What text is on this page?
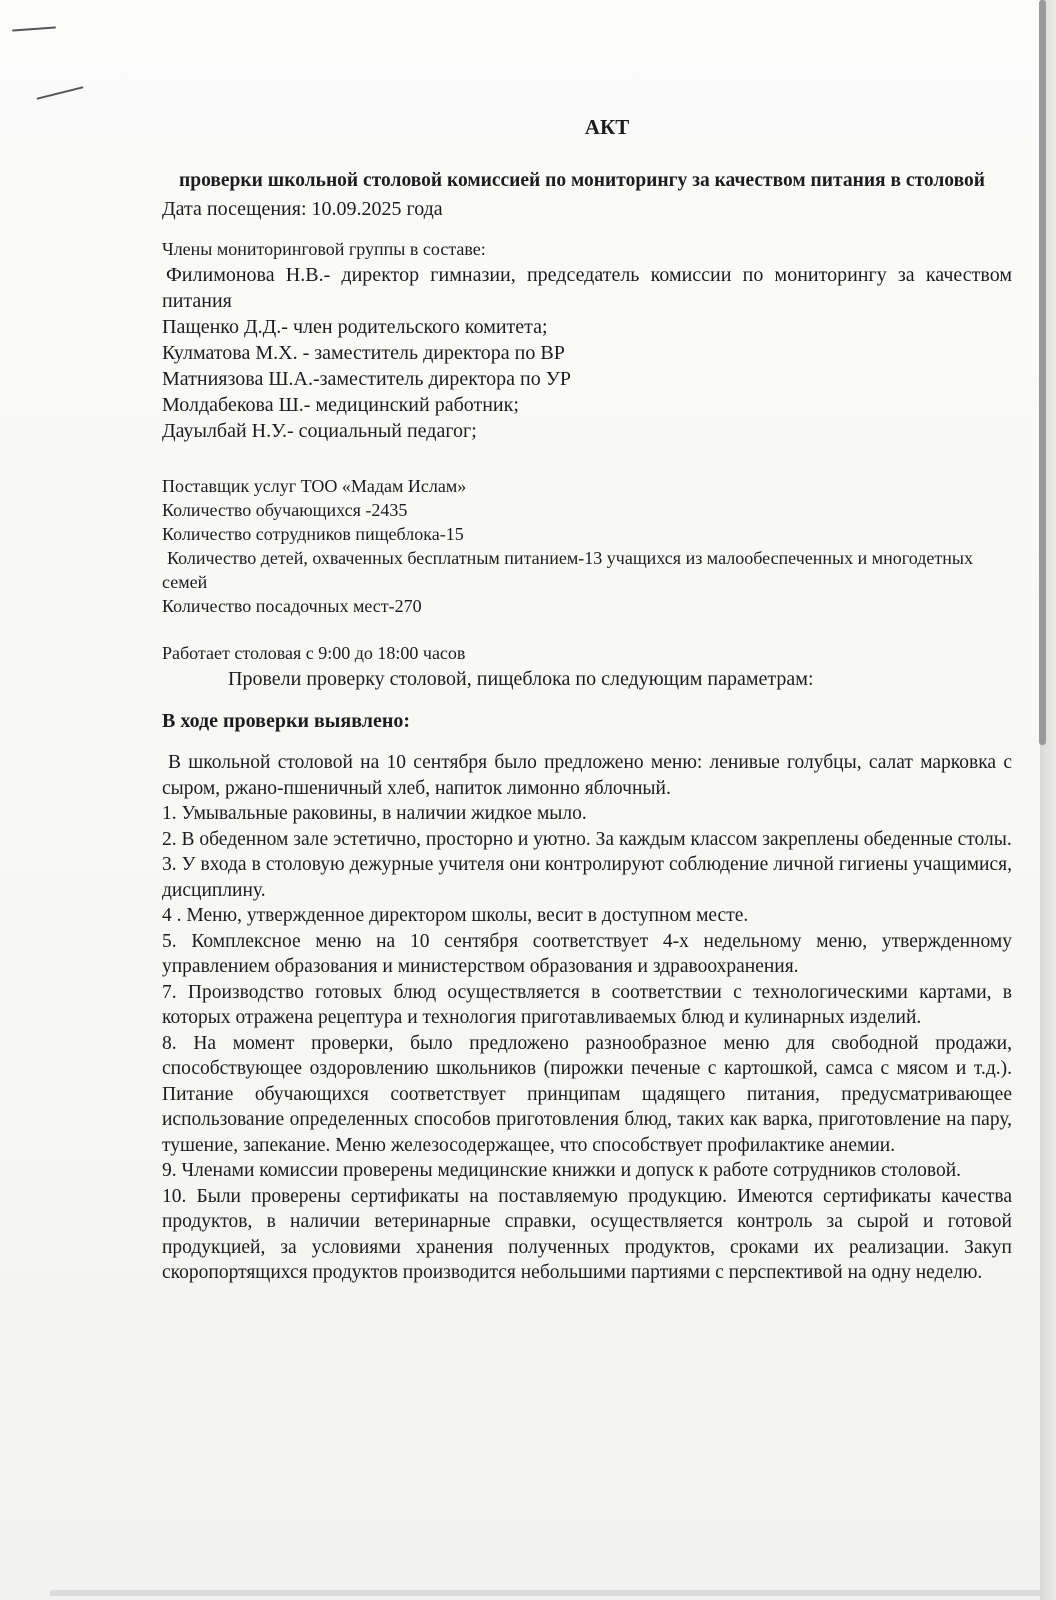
АКТ

проверки школьной столовой комиссией по мониторингу за качеством питания в столовой

Дата посещения: 10.09.2025 года

Члены мониторинговой группы в составе:

Филимонова Н.В.- директор гимназии, председатель комиссии по мониторингу за качеством питания

Пащенко Д.Д.- член родительского комитета;

Кулматова М.Х. - заместитель директора по ВР

Матниязова Ш.А.-заместитель директора по УР

Молдабекова Ш.- медицинский работник;

Дауылбай Н.У.- социальный педагог;

Поставщик услуг ТОО «Мадам Ислам»

Количество обучающихся -2435

Количество сотрудников пищеблока-15

Количество детей, охваченных бесплатным питанием-13 учащихся из малообеспеченных и многодетных семей

Количество посадочных мест-270

Работает столовая с 9:00 до 18:00 часов

Провели проверку столовой, пищеблока по следующим параметрам:

В ходе проверки выявлено:

В школьной столовой на 10 сентября было предложено меню: ленивые голубцы, салат марковка с сыром, ржано-пшеничный хлеб, напиток лимонно яблочный.

1. Умывальные раковины, в наличии жидкое мыло.

2. В обеденном зале эстетично, просторно и уютно. За каждым классом закреплены обеденные столы.

3. У входа в столовую дежурные учителя они контролируют соблюдение личной гигиены учащимися, дисциплину.

4 . Меню, утвержденное директором школы, весит в доступном месте.

5. Комплексное меню на 10 сентября соответствует 4-х недельному меню, утвержденному управлением образования и министерством образования и здравоохранения.

7. Производство готовых блюд осуществляется в соответствии с технологическими картами, в которых отражена рецептура и технология приготавливаемых блюд и кулинарных изделий.

8. На момент проверки, было предложено разнообразное меню для свободной продажи, способствующее оздоровлению школьников (пирожки печеные с картошкой, самса с мясом и т.д.). Питание обучающихся соответствует принципам щадящего питания, предусматривающее использование определенных способов приготовления блюд, таких как варка, приготовление на пару, тушение, запекание. Меню железосодержащее, что способствует профилактике анемии.

9. Членами комиссии проверены медицинские книжки и допуск к работе сотрудников столовой.

10. Были проверены сертификаты на поставляемую продукцию. Имеются сертификаты качества продуктов, в наличии ветеринарные справки, осуществляется контроль за сырой и готовой продукцией, за условиями хранения полученных продуктов, сроками их реализации. Закуп скоропортящихся продуктов производится небольшими партиями с перспективой на одну неделю.
